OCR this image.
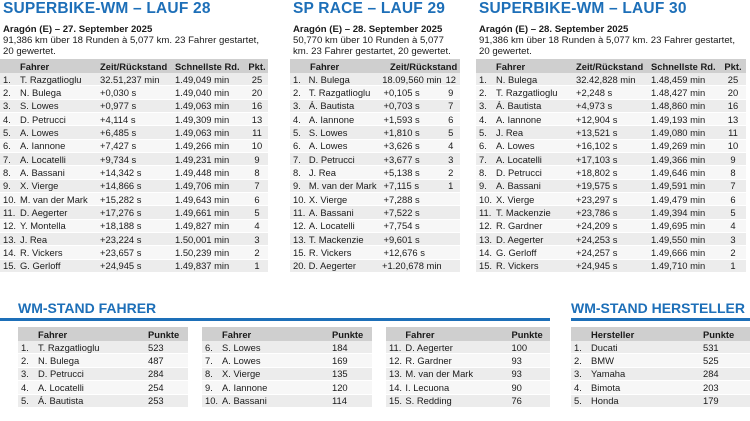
SUPERBIKE-WM – LAUF 28
Aragón (E) – 27. September 2025
91,386 km über 18 Runden à 5,077 km. 23 Fahrer gestartet, 20 gewertet.
Fahrer	Zeit/Rückstand Schnellste Rd. Pkt.
1. T. Razgatlioglu	32.51,237 min	1.49,049 min	25
2. N. Bulega	+0,030 s	1.49,040 min	20
3. S. Lowes	+0,977 s	1.49,063 min	16
4. D. Petrucci	+4,114 s	1.49,309 min	13
5. A. Lowes	+6,485 s	1.49,063 min	11
6. A. Iannone	+7,427 s	1.49,266 min	10
7. A. Locatelli	+9,734 s	1.49,231 min	9
8. A. Bassani	+14,342 s	1.49,448 min	8
9. X. Vierge	+14,866 s	1.49,706 min	7
10. M. van der Mark	+15,282 s	1.49,643 min	6
11. D. Aegerter	+17,276 s	1.49,661 min	5
12. Y. Montella	+18,188 s	1.49,827 min	4
13. J. Rea	+23,224 s	1.50,001 min	3
14. R. Vickers	+23,657 s	1.50,239 min	2
15. G. Gerloff	+24,945 s	1.49,837 min	1
SP RACE – LAUF 29
Aragón (E) – 28. September 2025
50,770 km über 10 Runden à 5,077 km. 23 Fahrer gestartet, 20 gewertet.
Fahrer	Zeit/Rückstand
1. N. Bulega	18.09,560 min 12
2. T. Razgatlioglu	+0,105 s	9
3. Á. Bautista	+0,703 s	7
4. A. Iannone	+1,593 s	6
5. S. Lowes	+1,810 s	5
6. A. Lowes	+3,626 s	4
7. D. Petrucci	+3,677 s	3
8. J. Rea	+5,138 s	2
9. M. van der Mark +7,115 s	1
10. X. Vierge	+7,288 s
11. A. Bassani	+7,522 s
12. A. Locatelli	+7,754 s
13. T. Mackenzie	+9,601 s
15. R. Vickers	+12,676 s
20. D. Aegerter	+1.20,678 min
SUPERBIKE-WM – LAUF 30
Aragón (E) – 28. September 2025
91,386 km über 18 Runden à 5,077 km. 23 Fahrer gestartet, 20 gewertet.
Fahrer	Zeit/Rückstand Schnellste Rd. Pkt.
1. N. Bulega	32.42,828 min	1.48,459 min	25
2. T. Razgatlioglu	+2,248 s	1.48,427 min	20
3. Á. Bautista	+4,973 s	1.48,860 min	16
4. A. Iannone	+12,904 s	1.49,193 min	13
5. J. Rea	+13,521 s	1.49,080 min	11
6. A. Lowes	+16,102 s	1.49,269 min	10
7. A. Locatelli	+17,103 s	1.49,366 min	9
8. D. Petrucci	+18,802 s	1.49,646 min	8
9. A. Bassani	+19,575 s	1.49,591 min	7
10. X. Vierge	+23,297 s	1.49,479 min	6
11. T. Mackenzie	+23,786 s	1.49,394 min	5
12. R. Gardner	+24,209 s	1.49,695 min	4
13. D. Aegerter	+24,253 s	1.49,550 min	3
14. G. Gerloff	+24,257 s	1.49,666 min	2
15. R. Vickers	+24,945 s	1.49,710 min	1
WM-STAND FAHRER
Fahrer	Punkte
1. T. Razgatlioglu	523
2. N. Bulega	487
3. D. Petrucci	284
4. A. Locatelli	254
5. Á. Bautista	253
Fahrer	Punkte
6. S. Lowes	184
7. A. Lowes	169
8. X. Vierge	135
9. A. Iannone	120
10. A. Bassani	114
Fahrer	Punkte
11. D. Aegerter	100
12. R. Gardner	93
13. M. van der Mark	93
14. I. Lecuona	90
15. S. Redding	76
WM-STAND HERSTELLER
Hersteller	Punkte
1. Ducati	531
2. BMW	525
3. Yamaha	284
4. Bimota	203
5. Honda	179
